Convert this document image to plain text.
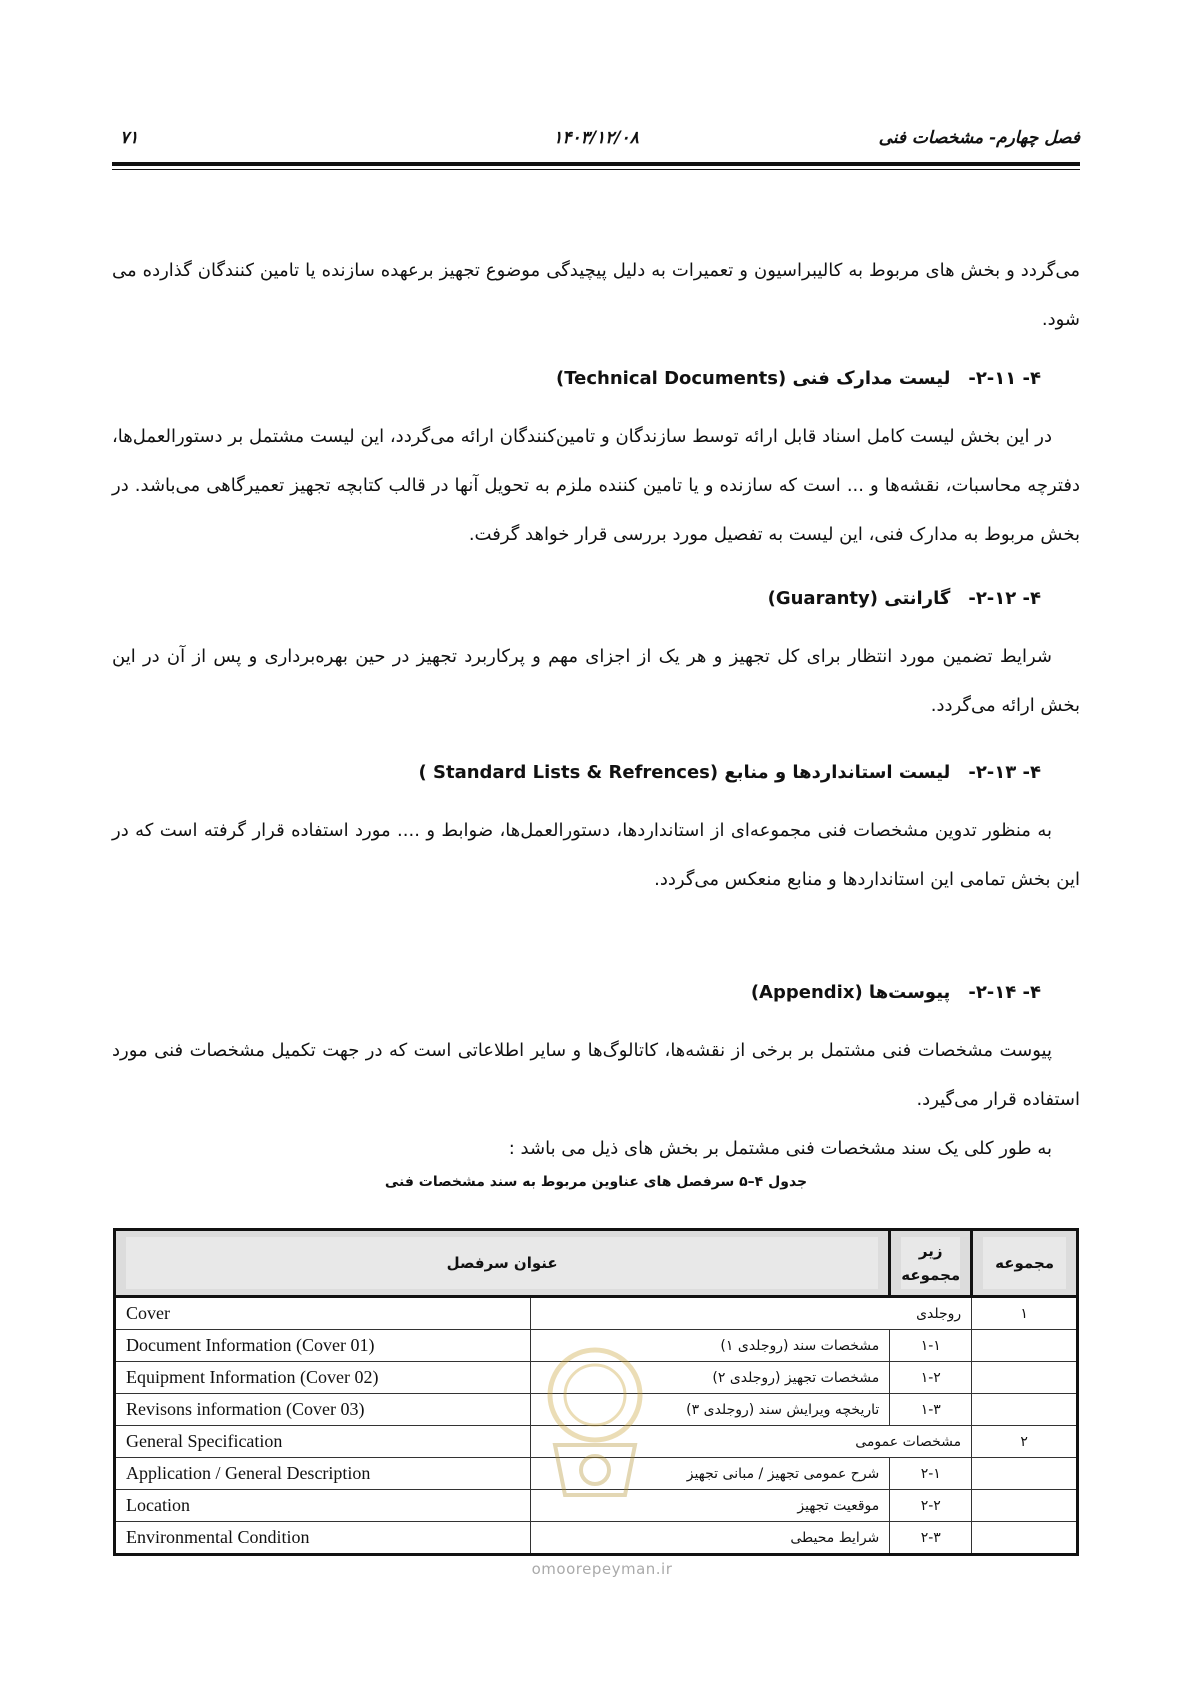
فصل چهارم- مشخصات فنی
۱۴۰۳/۱۲/۰۸
۷۱

می‌گردد و بخش های مربوط به کالیبراسیون و تعمیرات به دلیل پیچیدگی موضوع تجهیز برعهده سازنده یا تامین کنندگان گذارده می شود.

۴- ۲-۱۱-لیست مدارک فنی (Technical Documents)

در این بخش لیست کامل اسناد قابل ارائه توسط سازندگان و تامین‌کنندگان ارائه می‌گردد، این لیست مشتمل بر دستورالعمل‌ها، دفترچه محاسبات، نقشه‌ها و ... است که سازنده و یا تامین کننده ملزم به تحویل آنها در قالب کتابچه تجهیز تعمیرگاهی می‌باشد. در بخش مربوط به مدارک فنی، این لیست به تفصیل مورد بررسی قرار خواهد گرفت.

۴- ۲-۱۲-گارانتی (Guaranty)

شرایط تضمین مورد انتظار برای کل تجهیز و هر یک از اجزای مهم و پرکاربرد تجهیز در حین بهره‌برداری و پس از آن در این بخش ارائه می‌گردد.

۴- ۲-۱۳-لیست استانداردها و منابع (Standard Lists & Refrences )

به منظور تدوین مشخصات فنی مجموعه‌ای از استانداردها، دستورالعمل‌ها، ضوابط و .... مورد استفاده قرار گرفته است که در این بخش تمامی این استانداردها و منابع منعکس می‌گردد.

۴- ۲-۱۴-پیوست‌ها (Appendix)

پیوست مشخصات فنی مشتمل بر برخی از نقشه‌ها، کاتالوگ‌ها و سایر اطلاعاتی است که در جهت تکمیل مشخصات فنی مورد استفاده قرار می‌گیرد.

به طور کلی یک سند مشخصات فنی مشتمل بر بخش های ذیل می باشد :

جدول ۴–۵ سرفصل های عناوین مربوط به سند مشخصات فنی
عنوان سرفصل		زیر مجموعه	مجموعه

Cover	روجلدی		۱
Document Information (Cover 01)	مشخصات سند (روجلدی ۱)	۱-۱	
Equipment Information (Cover 02)	مشخصات تجهیز (روجلدی ۲)	۱-۲	
Revisons information (Cover 03)	تاریخچه ویرایش سند (روجلدی ۳)	۱-۳	
General Specification	مشخصات عمومی		۲
Application / General Description	شرح عمومی تجهیز / مبانی تجهیز	۲-۱	
Location	موقعیت تجهیز	۲-۲	
Environmental Condition	شرایط محیطی	۲-۳	
omoorepeyman.ir
